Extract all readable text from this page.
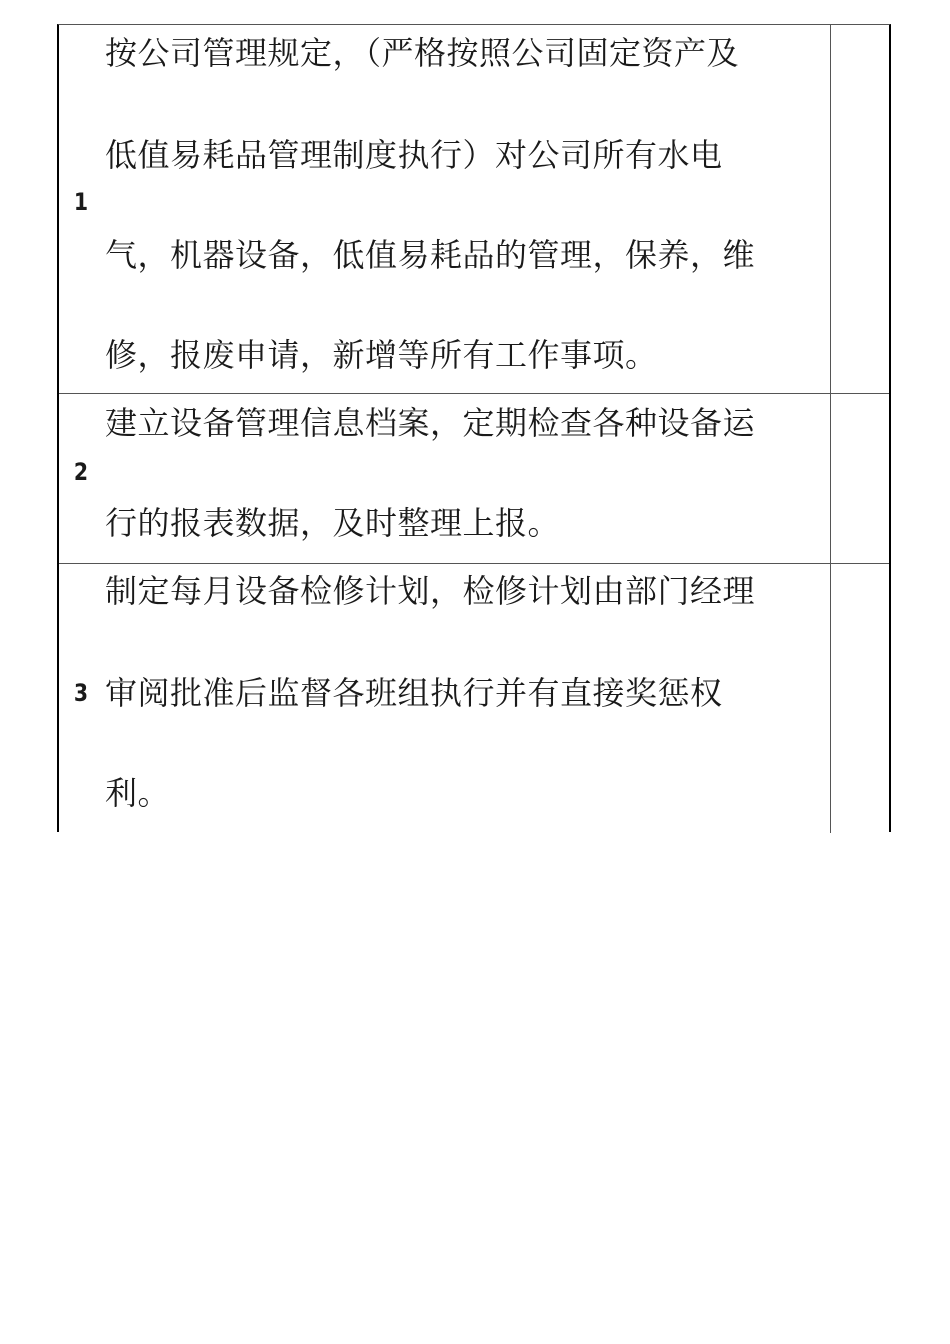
1
按公司管理规定，（严格按照公司固定资产及
低值易耗品管理制度执行）对公司所有水电
气，机器设备，低值易耗品的管理，保养，维
修，报废申请，新增等所有工作事项。
2
建立设备管理信息档案，定期检查各种设备运
行的报表数据，及时整理上报。
3
制定每月设备检修计划，检修计划由部门经理
审阅批准后监督各班组执行并有直接奖惩权
利。
